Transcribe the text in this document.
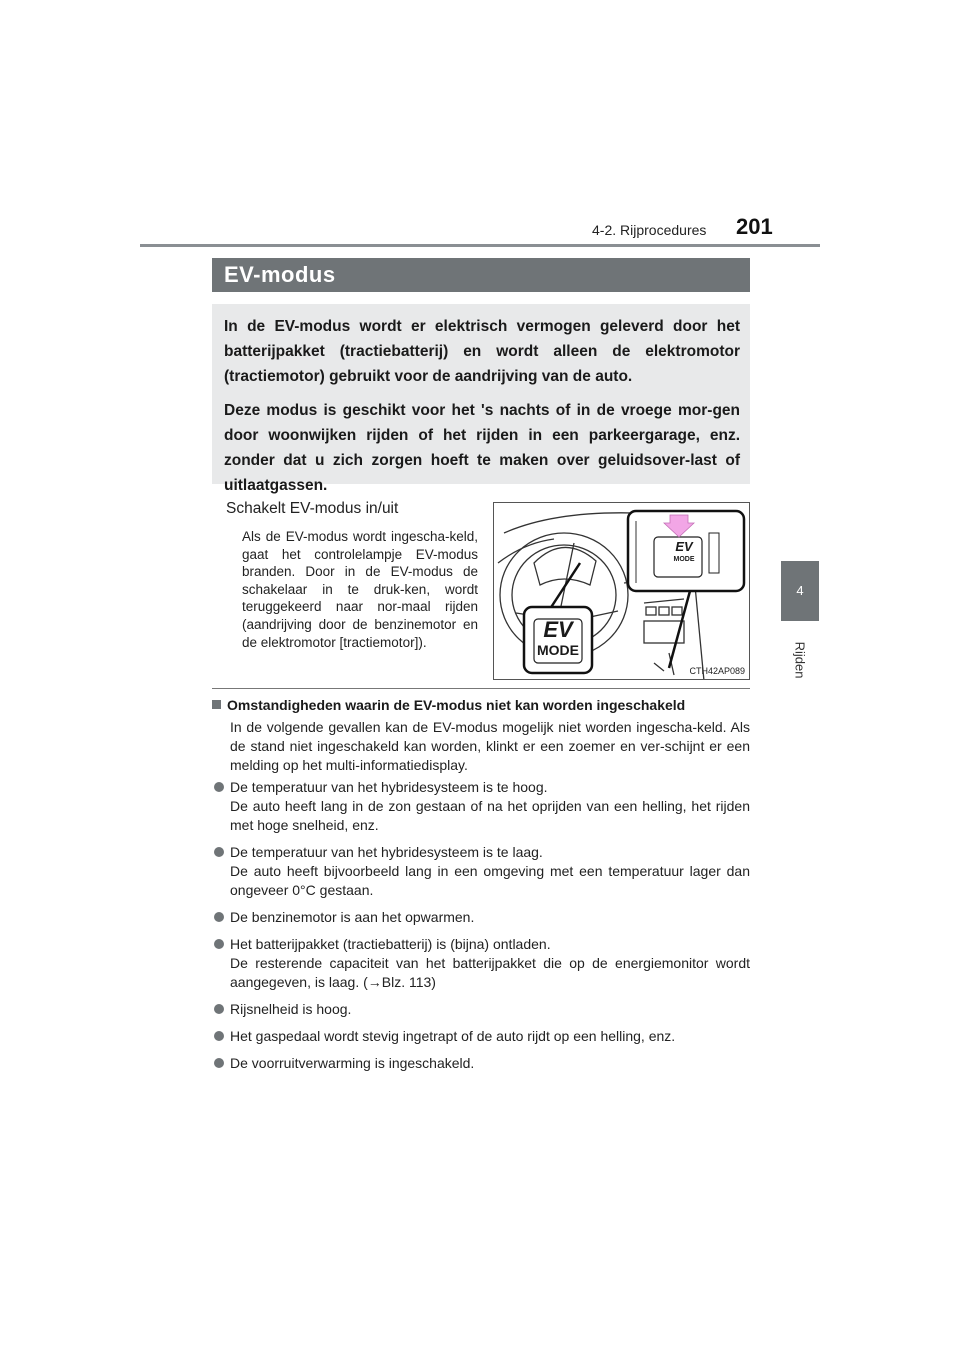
4-2. Rijprocedures 201
4
Rijden
EV-modus

In de EV-modus wordt er elektrisch vermogen geleverd door het batterijpakket (tractiebatterij) en wordt alleen de elektromotor (tractiemotor) gebruikt voor de aandrijving van de auto.

Deze modus is geschikt voor het 's nachts of in de vroege mor-gen door woonwijken rijden of het rijden in een parkeergarage, enz. zonder dat u zich zorgen hoeft te maken over geluidsover-last of uitlaatgassen.

Schakelt EV-modus in/uit
Als de EV-modus wordt ingescha-keld, gaat het controlelampje EV-modus branden. Door in de EV-modus de schakelaar in te druk-ken, wordt teruggekeerd naar nor-maal rijden (aandrijving door de benzinemotor en de elektromotor [tractiemotor]).
EV
MODE
EV
MODE
CTH42AP089
Omstandigheden waarin de EV-modus niet kan worden ingeschakeld
In de volgende gevallen kan de EV-modus mogelijk niet worden ingescha-keld. Als de stand niet ingeschakeld kan worden, klinkt er een zoemer en ver-schijnt er een melding op het multi-informatiedisplay.
De temperatuur van het hybridesysteem is te hoog.
De auto heeft lang in de zon gestaan of na het oprijden van een helling, het rijden met hoge snelheid, enz.
De temperatuur van het hybridesysteem is te laag.
De auto heeft bijvoorbeeld lang in een omgeving met een temperatuur lager dan ongeveer 0°C gestaan.
De benzinemotor is aan het opwarmen.
Het batterijpakket (tractiebatterij) is (bijna) ontladen.
De resterende capaciteit van het batterijpakket die op de energiemonitor wordt aangegeven, is laag. (→Blz. 113)
Rijsnelheid is hoog.
Het gaspedaal wordt stevig ingetrapt of de auto rijdt op een helling, enz.
De voorruitverwarming is ingeschakeld.
